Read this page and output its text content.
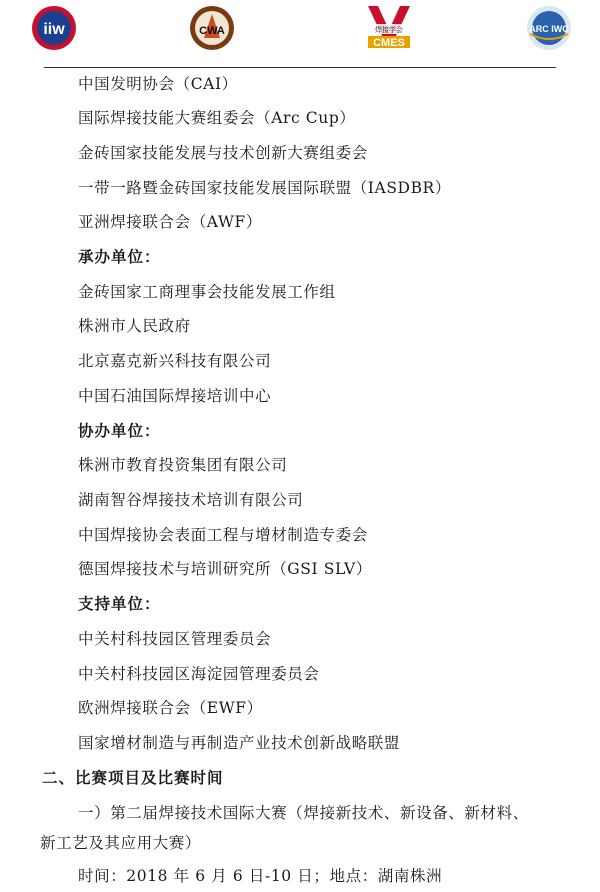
iiw	CWA	焊接学会
CMES
ARC IWC
中国发明协会（CAI）
国际焊接技能大赛组委会（Arc Cup）
金砖国家技能发展与技术创新大赛组委会
一带一路暨金砖国家技能发展国际联盟（IASDBR）
亚洲焊接联合会（AWF）
承办单位：
金砖国家工商理事会技能发展工作组
株洲市人民政府
北京嘉克新兴科技有限公司
中国石油国际焊接培训中心
协办单位：
株洲市教育投资集团有限公司
湖南智谷焊接技术培训有限公司
中国焊接协会表面工程与增材制造专委会
德国焊接技术与培训研究所（GSI SLV）
支持单位：
中关村科技园区管理委员会
中关村科技园区海淀园管理委员会
欧洲焊接联合会（EWF）
国家增材制造与再制造产业技术创新战略联盟
二、比赛项目及比赛时间
一）第二届焊接技术国际大赛（焊接新技术、新设备、新材料、
新工艺及其应用大赛）
时间：2018 年 6 月 6 日-10 日；地点：湖南株洲
